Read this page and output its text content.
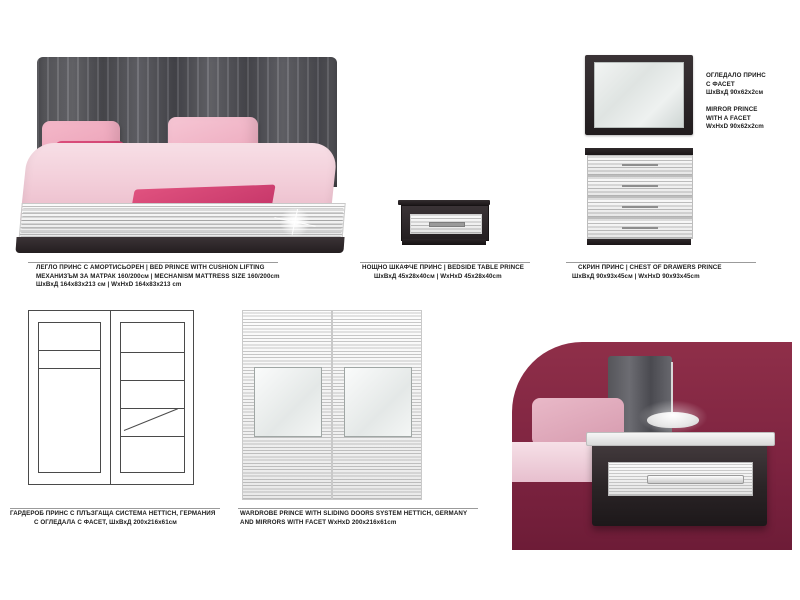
ЛЕГЛО ПРИНС С АМОРТИСЬОРЕН | BED PRINCE WITH CUSHION LIFTING
МЕХАНИЗЪМ ЗА МАТРАК 160/200см | MECHANISM MATTRESS SIZE 160/200cm
ШхВхД 164х83х213 см | WxHxD 164x83x213 cm
НОЩНО ШКАФЧЕ ПРИНС | BEDSIDE TABLE PRINCE
ШхВхД 45х28х40см | WxHxD 45x28x40cm
СКРИН ПРИНС | CHEST OF DRAWERS PRINCE
ШхВхД 90х93х45см | WxHxD 90x93x45cm
ОГЛЕДАЛО ПРИНС
С ФАСЕТ
ШхВхД 90х62х2см
MIRROR PRINCE
WITH A FACET
WxHxD 90x62x2cm
ГАРДЕРОБ ПРИНС С ПЛЪЗГАЩА СИСТЕМА HETTICH, ГЕРМАНИЯ
С ОГЛЕДАЛА С ФАСЕТ, ШхВхД 200х216х61см
WARDROBE PRINCE WITH SLIDING DOORS SYSTEM HETTICH, GERMANY
AND MIRRORS WITH FACET WxHxD 200x216x61cm
